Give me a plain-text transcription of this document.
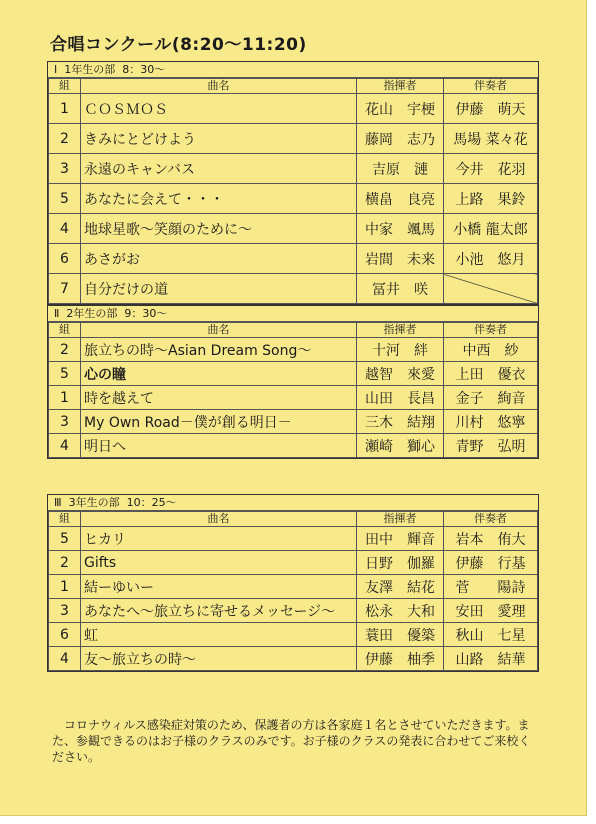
合唱コンクール(8:20〜11:20)
Ⅰ  1年生の部  8：30〜
組	曲名	指揮者	伴奏者
1	ＣＯＳＭＯＳ	花山　宇梗	伊藤　萌天
2	きみにとどけよう	藤岡　志乃	馬場 菜々花
3	永遠のキャンバス	吉原　漣	今井　花羽
5	あなたに会えて・・・	横畠　良亮	上路　果鈴
4	地球星歌〜笑顔のために〜	中家　颯馬	小橋 龍太郎
6	あさがお	岩間　未来	小池　悠月
7	自分だけの道	冨井　咲	
Ⅱ  2年生の部  9：30〜
組	曲名	指揮者	伴奏者
2	旅立ちの時〜Asian Dream Song〜	十河　絆	中西　紗
5	心の瞳	越智　來愛	上田　優衣
1	時を越えて	山田　長昌	金子　絢音
3	My Own Road－僕が創る明日－	三木　結翔	川村　悠寧
4	明日へ	瀬崎　獅心	青野　弘明
Ⅲ  3年生の部  10：25〜
組	曲名	指揮者	伴奏者
5	ヒカリ	田中　輝音	岩本　侑大
2	Gifts	日野　伽羅	伊藤　行基
1	結ーゆいー	友澤　結花	菅　　陽詩
3	あなたへ〜旅立ちに寄せるメッセージ〜	松永　大和	安田　愛理
6	虹	蓑田　優築	秋山　七星
4	友〜旅立ちの時〜	伊藤　柚季	山路　結華
　コロナウィルス感染症対策のため、保護者の方は各家庭１名とさせていただきます。また、参観できるのはお子様のクラスのみです。お子様のクラスの発表に合わせてご来校ください。
